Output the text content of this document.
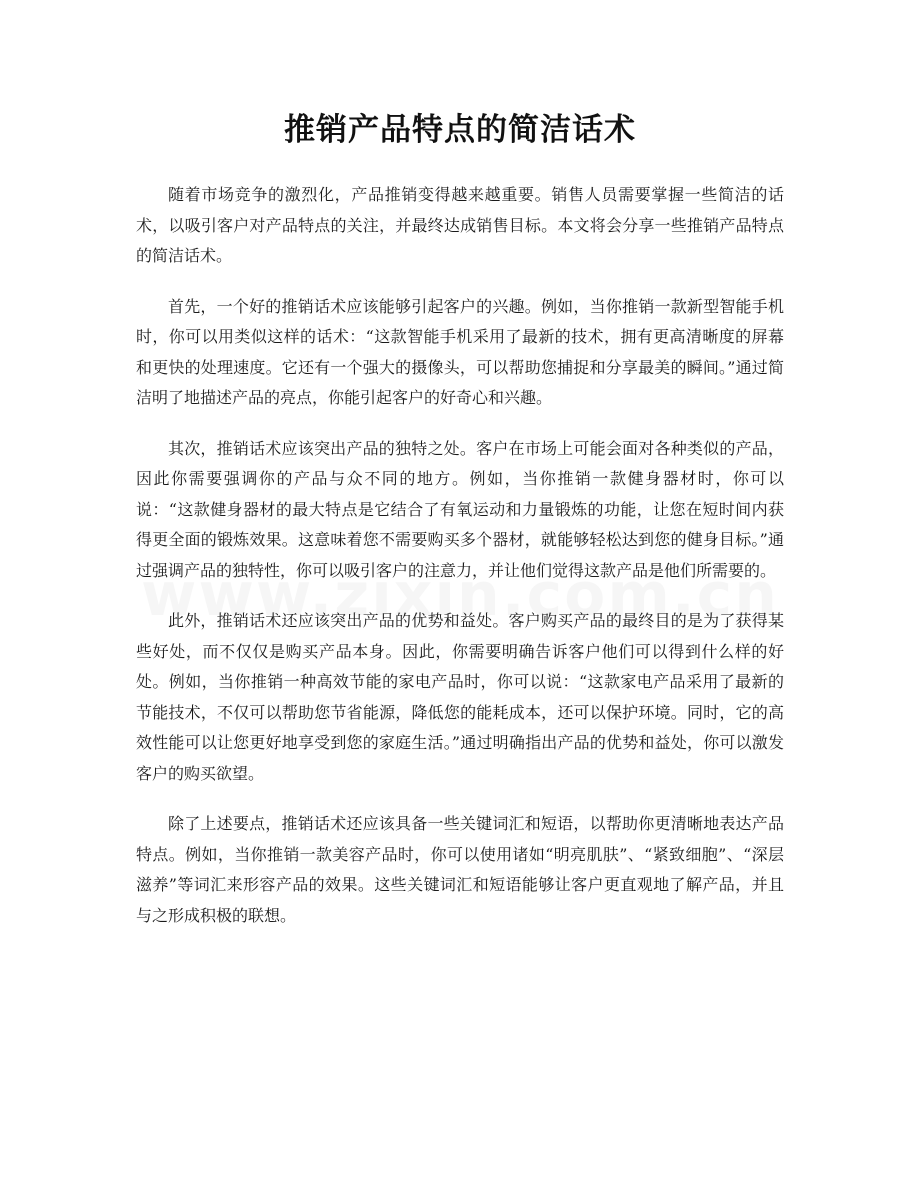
推销产品特点的简洁话术

随着市场竞争的激烈化，产品推销变得越来越重要。销售人员需要掌握一些简洁的话术，以吸引客户对产品特点的关注，并最终达成销售目标。本文将会分享一些推销产品特点的简洁话术。

首先，一个好的推销话术应该能够引起客户的兴趣。例如，当你推销一款新型智能手机时，你可以用类似这样的话术：“这款智能手机采用了最新的技术，拥有更高清晰度的屏幕和更快的处理速度。它还有一个强大的摄像头，可以帮助您捕捉和分享最美的瞬间。”通过简洁明了地描述产品的亮点，你能引起客户的好奇心和兴趣。

其次，推销话术应该突出产品的独特之处。客户在市场上可能会面对各种类似的产品，因此你需要强调你的产品与众不同的地方。例如，当你推销一款健身器材时，你可以说：“这款健身器材的最大特点是它结合了有氧运动和力量锻炼的功能，让您在短时间内获得更全面的锻炼效果。这意味着您不需要购买多个器材，就能够轻松达到您的健身目标。”通过强调产品的独特性，你可以吸引客户的注意力，并让他们觉得这款产品是他们所需要的。

此外，推销话术还应该突出产品的优势和益处。客户购买产品的最终目的是为了获得某些好处，而不仅仅是购买产品本身。因此，你需要明确告诉客户他们可以得到什么样的好处。例如，当你推销一种高效节能的家电产品时，你可以说：“这款家电产品采用了最新的节能技术，不仅可以帮助您节省能源，降低您的能耗成本，还可以保护环境。同时，它的高效性能可以让您更好地享受到您的家庭生活。”通过明确指出产品的优势和益处，你可以激发客户的购买欲望。

除了上述要点，推销话术还应该具备一些关键词汇和短语，以帮助你更清晰地表达产品特点。例如，当你推销一款美容产品时，你可以使用诸如“明亮肌肤”、“紧致细胞”、“深层滋养”等词汇来形容产品的效果。这些关键词汇和短语能够让客户更直观地了解产品，并且与之形成积极的联想。
